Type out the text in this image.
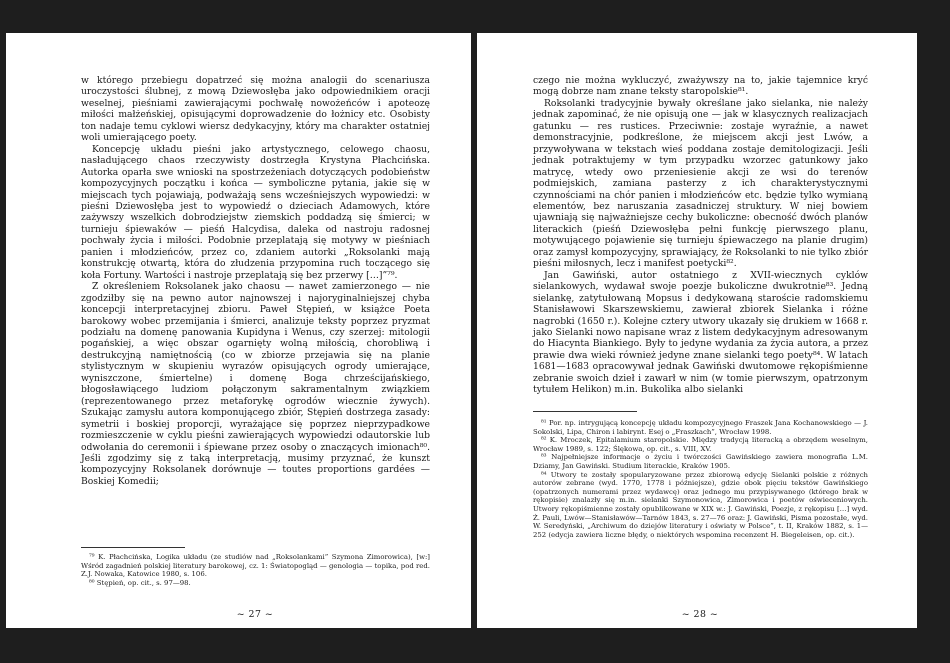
w którego przebiegu dopatrzeć się można analogii do scenariusza uroczystości ślubnej, z mową Dziewosłęba jako odpowiednikiem oracji weselnej, pieśniami zawierającymi pochwałę nowożeńców i apoteozę miłości małżeńskiej, opisującymi doprowadzenie do łożnicy etc. Osobisty ton nadaje temu cyklowi wiersz dedykacyjny, który ma charakter ostatniej woli umierającego poety.

Koncepcję układu pieśni jako artystycznego, celowego chaosu, nasładującego chaos rzeczywisty dostrzegła Krystyna Płachcińska. Autorka oparła swe wnioski na spostrzeżeniach dotyczących podobieństw kompozycyjnych początku i końca — symboliczne pytania, jakie się w miejscach tych pojawiają, podważają sens wcześniejszych wypowiedzi: w pieśni Dziewosłęba jest to wypowiedź o dzieciach Adamowych, które zażywszy wszelkich dobrodziejstw ziemskich poddadzą się śmierci; w turnieju śpiewaków — pieśń Halcydisa, daleka od nastroju radosnej pochwały życia i miłości. Podobnie przeplatają się motywy w pieśniach panien i młodzieńców, przez co, zdaniem autorki „Roksolanki mają konstrukcję otwartą, która do złudzenia przypomina ruch toczącego się koła Fortuny. Wartości i nastroje przeplatają się bez przerwy […]”⁷⁹.

Z określeniem Roksolanek jako chaosu — nawet zamierzonego — nie zgodziłby się na pewno autor najnowszej i najoryginalniejszej chyba koncepcji interpretacyjnej zbioru. Paweł Stępień, w książce Poeta barokowy wobec przemijania i śmierci, analizuje teksty poprzez pryzmat podziału na domenę panowania Kupidyna i Wenus, czy szerzej: mitologii pogańskiej, a więc obszar ogarnięty wolną miłością, chorobliwą i destrukcyjną namiętnością (co w zbiorze przejawia się na planie stylistycznym w skupieniu wyrazów opisujących ogrody umierające, wyniszczone, śmiertelne) i domenę Boga chrześcijańskiego, błogosławiącego ludziom połączonym sakramentalnym związkiem (reprezentowanego przez metaforykę ogrodów wiecznie żywych). Szukając zamysłu autora komponującego zbiór, Stępień dostrzega zasady: symetrii i boskiej proporcji, wyrażające się poprzez nieprzypadkowe rozmieszczenie w cyklu pieśni zawierających wypowiedzi odautorskie lub odwołania do ceremonii i śpiewane przez osoby o znaczących imionach⁸⁰. Jeśli zgodzimy się z taką interpretacją, musimy przyznać, że kunszt kompozycyjny Roksolanek dorównuje — toutes proportions gardées — Boskiej Komedii;

⁷⁹ K. Płachcińska, Logika układu (ze studiów nad „Roksolankami” Szymona Zimorowica), [w:] Wśród zagadnień polskiej literatury barokowej, cz. 1: Światopogląd — genologia — topika, pod red. Z.J. Nowaka, Katowice 1980, s. 106.

⁸⁰ Stępień, op. cit., s. 97—98.

~ 27 ~

czego nie można wykluczyć, zważywszy na to, jakie tajemnice kryć mogą dobrze nam znane teksty staropolskie⁸¹.

Roksolanki tradycyjnie bywały określane jako sielanka, nie należy jednak zapominać, że nie opisują one — jak w klasycznych realizacjach gatunku — res rustices. Przeciwnie: zostaje wyraźnie, a nawet demonstracyjnie, podkreślone, że miejscem akcji jest Lwów, a przywoływana w tekstach wieś poddana zostaje demitologizacji. Jeśli jednak potraktujemy w tym przypadku wzorzec gatunkowy jako matrycę, wtedy owo przeniesienie akcji ze wsi do terenów podmiejskich, zamiana pasterzy z ich charakterystycznymi czynnościami na chór panien i młodzieńców etc. będzie tylko wymianą elementów, bez naruszania zasadniczej struktury. W niej bowiem ujawniają się najważniejsze cechy bukoliczne: obecność dwóch planów literackich (pieśń Dziewosłęba pełni funkcję pierwszego planu, motywującego pojawienie się turnieju śpiewaczego na planie drugim) oraz zamysł kompozycyjny, sprawiający, że Roksolanki to nie tylko zbiór pieśni miłosnych, lecz i manifest poetycki⁸².

Jan Gawiński, autor ostatniego z XVII-wiecznych cyklów sielankowych, wydawał swoje poezje bukoliczne dwukrotnie⁸³. Jedną sielankę, zatytułowaną Mopsus i dedykowaną staroście radomskiemu Stanisławowi Skarszewskiemu, zawierał zbiorek Sielanka i różne nagrobki (1650 r.). Kolejne cztery utwory ukazały się drukiem w 1668 r. jako Sielanki nowo napisane wraz z listem dedykacyjnym adresowanym do Hiacynta Biankiego. Były to jedyne wydania za życia autora, a przez prawie dwa wieki również jedyne znane sielanki tego poety⁸⁴. W latach 1681—1683 opracowywał jednak Gawiński dwutomowe rękopiśmienne zebranie swoich dzieł i zawarł w nim (w tomie pierwszym, opatrzonym tytułem Helikon) m.in. Bukolika albo sielanki

⁸¹ Por. np. intrygującą koncepcję układu kompozycyjnego Fraszek Jana Kochanowskiego — J. Sokolski, Lipa, Chiron i labirynt. Esej o „Fraszkach”, Wrocław 1998.

⁸² K. Mroczek, Epitalamium staropolskie. Między tradycją literacką a obrzędem weselnym, Wrocław 1989, s. 122; Ślękowa, op. cit., s. VIII, XV.

⁸³ Najpełniejsze informacje o życiu i twórczości Gawińskiego zawiera monografia L.M. Dziamy, Jan Gawiński. Studium literackie, Kraków 1905.

⁸⁴ Utwory te zostały spopularyzowane przez zbiorową edycję Sielanki polskie z różnych autorów zebrane (wyd. 1770, 1778 i późniejsze), gdzie obok pięciu tekstów Gawińskiego (opatrzonych numerami przez wydawcę) oraz jednego mu przypisywanego (którego brak w rękopisie) znalazły się m.in. sielanki Szymonowica, Zimorowica i poetów oświeceniowych. Utwory rękopiśmienne zostały opublikowane w XIX w.: J. Gawiński, Poezje, z rękopisu […] wyd. Ż. Pauli, Lwów—Stanisławów—Tarnów 1843, s. 27—76 oraz: J. Gawiński, Pisma pozostałe, wyd. W. Seredyński, „Archiwum do dziejów literatury i oświaty w Polsce”, t. II, Kraków 1882, s. 1—252 (edycja zawiera liczne błędy, o niektórych wspomina recenzent H. Biegeleisen, op. cit.).

~ 28 ~
